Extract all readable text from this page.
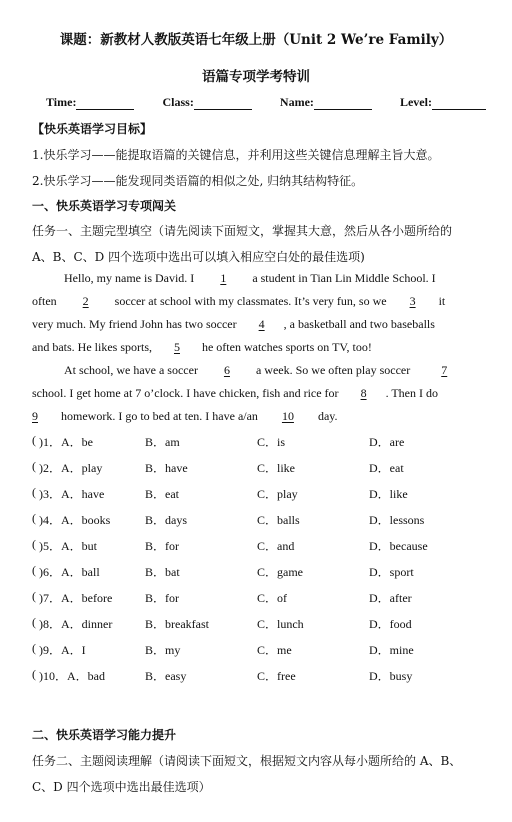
课题：新教材人教版英语七年级上册（Unit 2 We’re Family）
语篇专项学考特训
Time:	Class:	Name:	Level:
【快乐英语学习目标】
1.快乐学习——能提取语篇的关键信息，并利用这些关键信息理解主旨大意。
2.快乐学习——能发现同类语篇的相似之处, 归纳其结构特征。
一、快乐英语学习专项闯关
任务一、主题完型填空（请先阅读下面短文，掌握其大意，然后从各小题所给的
A、B、C、D 四个选项中选出可以填入相应空白处的最佳选项)
Hello, my name is David. I 1 a student in Tian Lin Middle School. I
often 2 soccer at school with my classmates. It’s very fun, so we 3 it
very much. My friend John has two soccer 4 , a basketball and two baseballs
and bats. He likes sports, 5 he often watches sports on TV, too!
At school, we have a soccer 6 a week. So we often play soccer 7
school. I get home at 7 o’clock. I have chicken, fish and rice for 8 . Then I do
9 homework. I go to bed at ten. I have a/an 10 day.
( )1．A．be	B．am	C．is	D．are
( )2．A．play	B．have	C．like	D．eat
( )3．A．have	B．eat	C．play	D．like
( )4．A．books	B．days	C．balls	D．lessons
( )5．A．but	B．for	C．and	D．because
( )6．A．ball	B．bat	C．game	D．sport
( )7．A．before	B．for	C．of	D．after
( )8．A．dinner	B．breakfast	C．lunch	D．food
( )9．A．I	B．my	C．me	D．mine
( )10．A．bad	B．easy	C．free	D．busy
二、快乐英语学习能力提升
任务二、主题阅读理解（请阅读下面短文，根据短文内容从每小题所给的 A、B、
C、D 四个选项中选出最佳选项）
